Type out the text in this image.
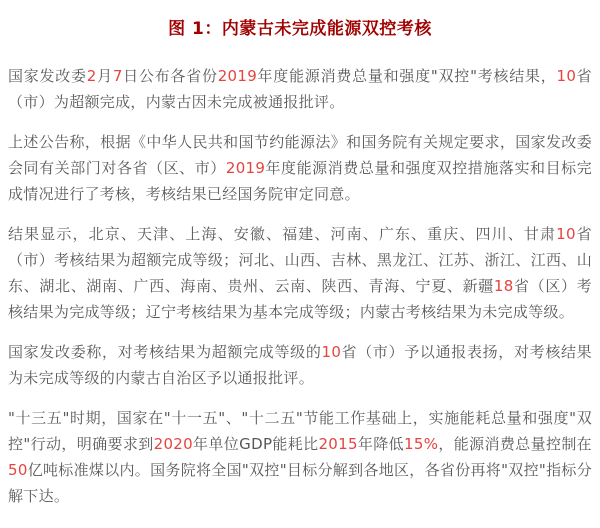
图 1：内蒙古未完成能源双控考核

国家发改委2月7日公布各省份2019年度能源消费总量和强度"双控"考核结果，10省（市）为超额完成，内蒙古因未完成被通报批评。

上述公告称，根据《中华人民共和国节约能源法》和国务院有关规定要求，国家发改委会同有关部门对各省（区、市）2019年度能源消费总量和强度双控措施落实和目标完成情况进行了考核，考核结果已经国务院审定同意。

结果显示，北京、天津、上海、安徽、福建、河南、广东、重庆、四川、甘肃10省（市）考核结果为超额完成等级；河北、山西、吉林、黑龙江、江苏、浙江、江西、山东、湖北、湖南、广西、海南、贵州、云南、陕西、青海、宁夏、新疆18省（区）考核结果为完成等级；辽宁考核结果为基本完成等级；内蒙古考核结果为未完成等级。

国家发改委称，对考核结果为超额完成等级的10省（市）予以通报表扬，对考核结果为未完成等级的内蒙古自治区予以通报批评。

"十三五"时期，国家在"十一五"、"十二五"节能工作基础上，实施能耗总量和强度"双控"行动，明确要求到2020年单位GDP能耗比2015年降低15%，能源消费总量控制在50亿吨标准煤以内。国务院将全国"双控"目标分解到各地区，各省份再将"双控"指标分解下达。
